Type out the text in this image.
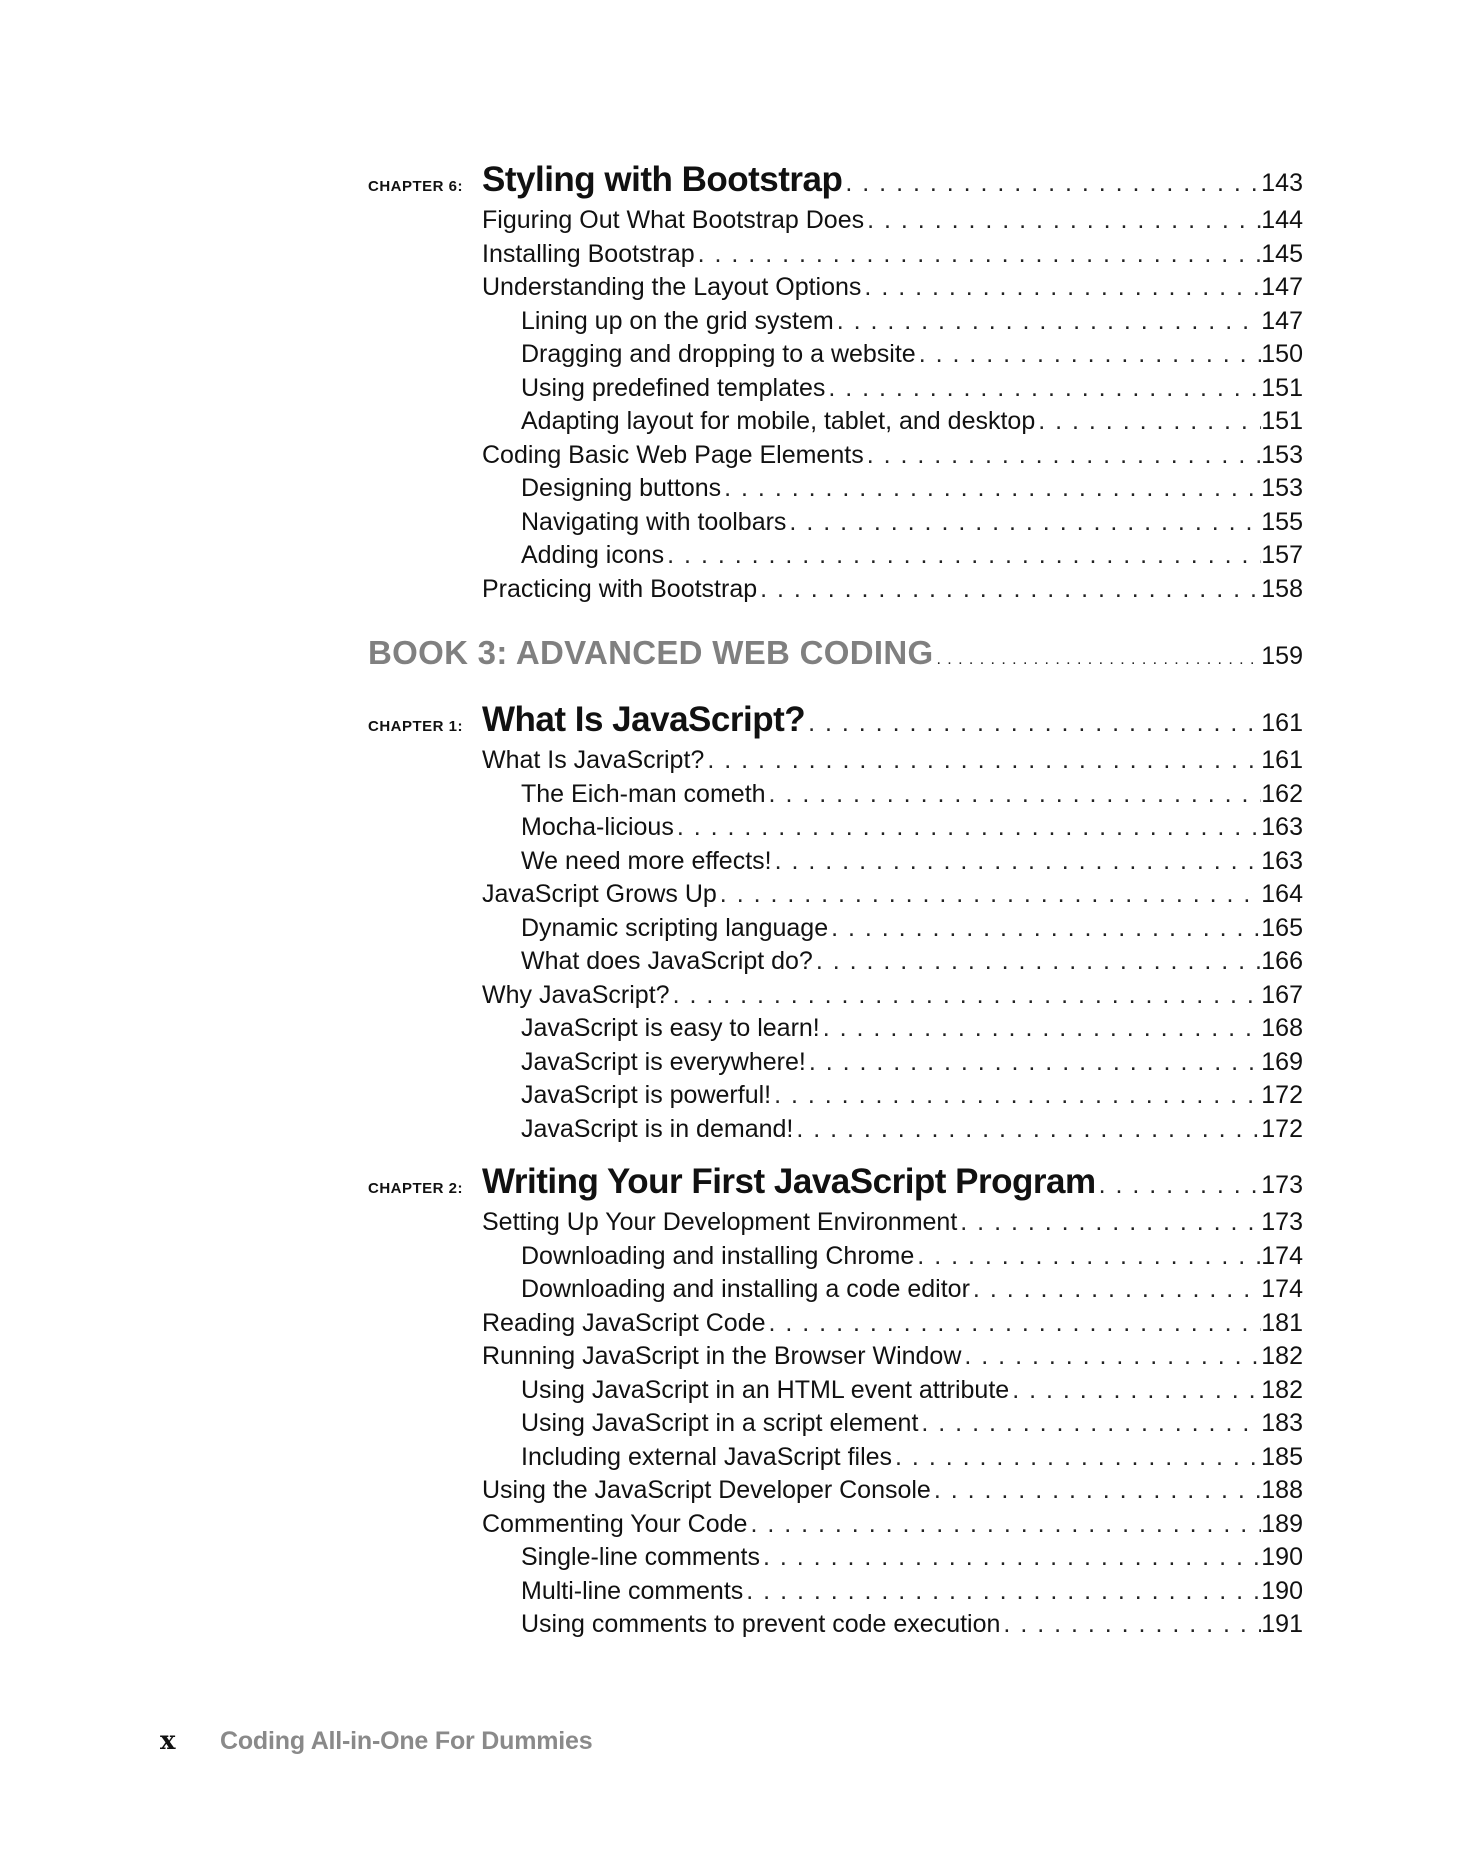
CHAPTER 6: Styling with Bootstrap . . .	143
Figuring Out What Bootstrap Does . . .	144
Installing Bootstrap . . .	145
Understanding the Layout Options . . .	147
Lining up on the grid system . . .	147
Dragging and dropping to a website . . .	150
Using predefined templates . . .	151
Adapting layout for mobile, tablet, and desktop . . .	151
Coding Basic Web Page Elements . . .	153
Designing buttons . . .	153
Navigating with toolbars . . .	155
Adding icons . . .	157
Practicing with Bootstrap . . .	158
BOOK 3: ADVANCED WEB CODING . . .	159
CHAPTER 1: What Is JavaScript? . . .	161
What Is JavaScript? . . .	161
The Eich-man cometh . . .	162
Mocha-licious . . .	163
We need more effects! . . .	163
JavaScript Grows Up . . .	164
Dynamic scripting language . . .	165
What does JavaScript do? . . .	166
Why JavaScript? . . .	167
JavaScript is easy to learn! . . .	168
JavaScript is everywhere! . . .	169
JavaScript is powerful! . . .	172
JavaScript is in demand! . . .	172
CHAPTER 2: Writing Your First JavaScript Program . . .	173
Setting Up Your Development Environment . . .	173
Downloading and installing Chrome . . .	174
Downloading and installing a code editor . . .	174
Reading JavaScript Code . . .	181
Running JavaScript in the Browser Window . . .	182
Using JavaScript in an HTML event attribute . . .	182
Using JavaScript in a script element . . .	183
Including external JavaScript files . . .	185
Using the JavaScript Developer Console . . .	188
Commenting Your Code . . .	189
Single-line comments . . .	190
Multi-line comments . . .	190
Using comments to prevent code execution . . .	191
x	Coding All-in-One For Dummies
